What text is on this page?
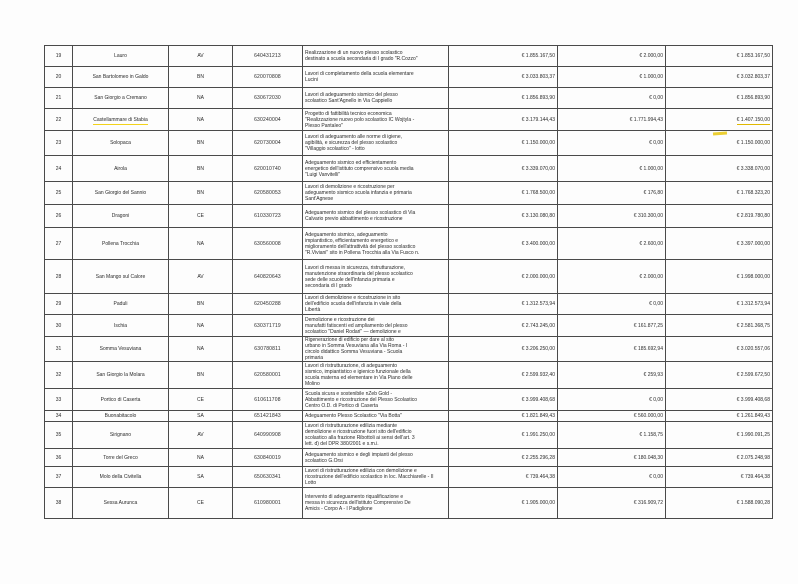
19	Lauro	AV	640431213	Realizzazione di un nuovo plesso scolastico
destinato a scuola secondaria di I grado "R.Cozzo"	€ 1.855.167,50	€ 2.000,00	€ 1.853.167,50
20	San Bartolomeo in Galdo	BN	620070808	Lavori di completamento della scuola elementare
Lucini	€ 3.033.803,37	€ 1.000,00	€ 3.032.803,37
21	San Giorgio a Cremano	NA	630672030	Lavori di adeguamento sismico del plesso
scolastico Sant'Agnello in Via Cappiello	€ 1.856.893,90	€ 0,00	€ 1.856.893,90
22	Castellammare di Stabia	NA	630240004	Progetto di fattibilità tecnico economica
"Realizzazione nuovo polo scolastico IC Wojtyla -
Plesso Pantaleo"	€ 3.179.144,43	€ 1.771.994,43	€ 1.407.150,00
23	Solopaca	BN	620730004	Lavori di adeguamento alle norme di igiene,
agibilità, e sicurezza del plesso scolastico
"Villaggio scolastico" - lotto	€ 1.150.000,00	€ 0,00	€ 1.150.000,00
24	Airola	BN	620010740	Adeguamento sismico ed efficientamento
energetico dell'istituto comprensivo scuola media
"Luigi Vanvitelli"	€ 3.339.070,00	€ 1.000,00	€ 3.338.070,00
25	San Giorgio del Sannio	BN	620580053	Lavori di demolizione e ricostruzione per
adeguamento sismico scuola infanzia e primaria
Sant'Agnese	€ 1.768.500,00	€ 176,80	€ 1.768.323,20
26	Dragoni	CE	610330723	Adeguamento sismico del plesso scolastico di Via
Calvario previo abbattimento e ricostruzione	€ 3.130.080,80	€ 310.300,00	€ 2.819.780,80
27	Pollena Trocchia	NA	630560008	Adeguamento sismico, adeguamento
impiantistico, efficientamento energetico e
miglioramento dell'attrattività del plesso scolastico
"R.Viviani" sito in Pollena Trocchia alla Via Fusco n.	€ 3.400.000,00	€ 2.600,00	€ 3.397.000,00
28	San Mango sul Calore	AV	640820643	Lavori di messa in sicurezza, ristrutturazione,
manutenzione straordinaria del plesso scolastico
sede delle scuole dell'infanzia primaria e
secondaria di I grado	€ 2.000.000,00	€ 2.000,00	€ 1.998.000,00
29	Paduli	BN	620450288	Lavori di demolizione e ricostruzione in sito
dell'edificio scuola dell'infanzia in viale della
Libertà	€ 1.312.573,94	€ 0,00	€ 1.312.573,94
30	Ischia	NA	630371719	Demolizione e ricostruzione dei
manufatti fatiscenti ed ampliamento del plesso
scolastico "Daniel Rodari" — demolizione e	€ 2.743.245,00	€ 161.877,25	€ 2.581.368,75
31	Somma Vesuviana	NA	630780811	Rigenerazione di edificio per dare al sito
urbano in Somma Vesuviana alla Via Roma - I
circolo didattico Somma Vesuviana - Scuola
primaria	€ 3.206.250,00	€ 185.692,94	€ 3.020.557,06
32	San Giorgio la Molara	BN	620580001	Lavori di ristrutturazione, di adeguamento
sismico, impiantistico e igienico funzionale della
scuola materna ed elementare in Via Piano delle
Molino	€ 2.599.932,40	€ 259,93	€ 2.599.672,50
33	Portico di Caserta	CE	610611708	Scuola sicura e sostenibile nZeb Gold -
Abbattimento e ricostruzione del Plesso Scolastico
Centro O.D. di Portico di Caserta	€ 3.999.408,68	€ 0,00	€ 3.999.408,68
34	Buonabitacolo	SA	651421843	Adeguamento Plesso Scolastico "Via Botta"	€ 1.821.849,43	€ 560.000,00	€ 1.261.849,43
35	Sirignano	AV	640990908	Lavori di ristrutturazione edilizia mediante
demolizione e ricostruzione fuori sito dell'edificio
scolastico alla frazione Ribottoli ai sensi dell'art. 3
lett. d) del DPR 380/2001 e s.m.i.	€ 1.991.250,00	€ 1.158,75	€ 1.990.091,25
36	Torre del Greco	NA	630840019	Adeguamento sismico e degli impianti del plesso
scolastico G.Orsi	€ 2.255.296,28	€ 180.048,30	€ 2.075.248,98
37	Molo della Civitella	SA	650630341	Lavori di ristrutturazione edilizia con demolizione e
ricostruzione dell'edificio scolastico in loc. Macchiarelle - II
Lotto	€ 739.464,38	€ 0,00	€ 739.464,38
38	Sessa Aurunca	CE	610980001	Intervento di adeguamento riqualificazione e
messa in sicurezza dell'istituto Comprensivo De
Amicis - Corpo A - I Padiglione	€ 1.905.000,00	€ 316.909,72	€ 1.588.090,28
